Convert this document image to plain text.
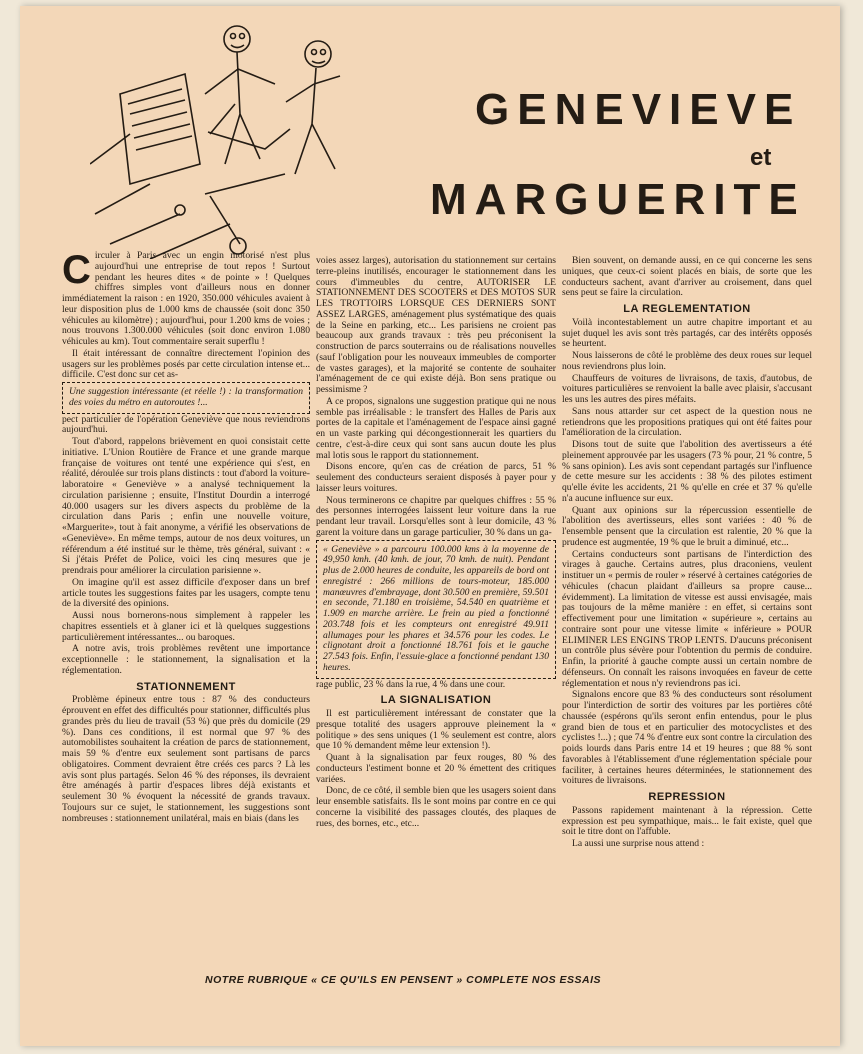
GENEVIEVE
et
MARGUERITE

Circuler à Paris avec un engin motorisé n'est plus aujourd'hui une entreprise de tout repos ! Surtout pendant les heures dites « de pointe » ! Quelques chiffres simples vont d'ailleurs nous en donner immédiatement la raison : en 1920, 350.000 véhicules avaient à leur disposition plus de 1.000 kms de chaussée (soit donc 350 véhicules au kilomètre) ; aujourd'hui, pour 1.200 kms de voies ; nous trouvons 1.300.000 véhicules (soit donc environ 1.080 véhicules au km). Tout commentaire serait superflu !

Il était intéressant de connaître directement l'opinion des usagers sur les problèmes posés par cette circulation intense et... difficile. C'est donc sur cet as-

Une suggestion intéressante (et réelle !) : la transformation des voies du métro en autoroutes !...

pect particulier de l'opération Geneviève que nous reviendrons aujourd'hui.

Tout d'abord, rappelons brièvement en quoi consistait cette initiative. L'Union Routière de France et une grande marque française de voitures ont tenté une expérience qui s'est, en réalité, déroulée sur trois plans distincts : tout d'abord la voiture-laboratoire « Geneviève » a analysé techniquement la circulation parisienne ; ensuite, l'Institut Dourdin a interrogé 40.000 usagers sur les divers aspects du problème de la circulation dans Paris ; enfin une nouvelle voiture, «Marguerite», tout à fait anonyme, a vérifié les observations de «Geneviève». En même temps, autour de nos deux voitures, un référendum a été institué sur le thème, très général, suivant : « Si j'étais Préfet de Police, voici les cinq mesures que je prendrais pour améliorer la circulation parisienne ».

On imagine qu'il est assez difficile d'exposer dans un bref article toutes les suggestions faites par les usagers, compte tenu de la diversité des opinions.

Aussi nous bornerons-nous simplement à rappeler les chapitres essentiels et à glaner ici et là quelques suggestions particulièrement intéressantes... ou baroques.

A notre avis, trois problèmes revêtent une importance exceptionnelle : le stationnement, la signalisation et la réglementation.

STATIONNEMENT

Problème épineux entre tous : 87 % des conducteurs éprouvent en effet des difficultés pour stationner, difficultés plus grandes près du lieu de travail (53 %) que près du domicile (29 %). Dans ces conditions, il est normal que 97 % des automobilistes souhaitent la création de parcs de stationnement, mais 59 % d'entre eux seulement sont partisans de parcs obligatoires. Comment devraient être créés ces parcs ? Là les avis sont plus partagés. Selon 46 % des réponses, ils devraient être aménagés à partir d'espaces libres déjà existants et seulement 30 % évoquent la nécessité de grands travaux. Toujours sur ce sujet, le stationnement, les suggestions sont nombreuses : stationnement unilatéral, mais en biais (dans les

voies assez larges), autorisation du stationnement sur certains terre-pleins inutilisés, encourager le stationnement dans les cours d'immeubles du centre, AUTORISER LE STATIONNEMENT DES SCOOTERS et DES MOTOS SUR LES TROTTOIRS LORSQUE CES DERNIERS SONT ASSEZ LARGES, aménagement plus systématique des quais de la Seine en parking, etc... Les parisiens ne croient pas beaucoup aux grands travaux : très peu préconisent la construction de parcs souterrains ou de réalisations nouvelles (sauf l'obligation pour les nouveaux immeubles de comporter de vastes garages), et la majorité se contente de souhaiter l'aménagement de ce qui existe déjà. Bon sens pratique ou pessimisme ?

A ce propos, signalons une suggestion pratique qui ne nous semble pas irréalisable : le transfert des Halles de Paris aux portes de la capitale et l'aménagement de l'espace ainsi gagné en un vaste parking qui décongestionnerait les quartiers du centre, c'est-à-dire ceux qui sont sans aucun doute les plus mal lotis sous le rapport du stationnement.

Disons encore, qu'en cas de création de parcs, 51 % seulement des conducteurs seraient disposés à payer pour y laisser leurs voitures.

Nous terminerons ce chapitre par quelques chiffres : 55 % des personnes interrogées laissent leur voiture dans la rue pendant leur travail. Lorsqu'elles sont à leur domicile, 43 % garent la voiture dans un garage particulier, 30 % dans un ga-

« Geneviève » a parcouru 100.000 kms à la moyenne de 49,950 kmh. (40 kmh. de jour, 70 kmh. de nuit). Pendant plus de 2.000 heures de conduite, les appareils de bord ont enregistré : 266 millions de tours-moteur, 185.000 manœuvres d'embrayage, dont 30.500 en première, 59.501 en seconde, 71.180 en troisième, 54.540 en quatrième et 1.909 en marche arrière. Le frein au pied a fonctionné 203.748 fois et les compteurs ont enregistré 49.911 allumages pour les phares et 34.576 pour les codes. Le clignotant droit a fonctionné 18.761 fois et le gauche 27.543 fois. Enfin, l'essuie-glace a fonctionné pendant 130 heures.

rage public, 23 % dans la rue, 4 % dans une cour.

LA SIGNALISATION

Il est particulièrement intéressant de constater que la presque totalité des usagers approuve pleinement la « politique » des sens uniques (1 % seulement est contre, alors que 10 % demandent même leur extension !).

Quant à la signalisation par feux rouges, 80 % des conducteurs l'estiment bonne et 20 % émettent des critiques variées.

Donc, de ce côté, il semble bien que les usagers soient dans leur ensemble satisfaits. Ils le sont moins par contre en ce qui concerne la visibilité des passages cloutés, des plaques de rues, des bornes, etc., etc...

Bien souvent, on demande aussi, en ce qui concerne les sens uniques, que ceux-ci soient placés en biais, de sorte que les conducteurs sachent, avant d'arriver au croisement, dans quel sens peut se faire la circulation.

LA REGLEMENTATION

Voilà incontestablement un autre chapitre important et au sujet duquel les avis sont très partagés, car des intérêts opposés se heurtent.

Nous laisserons de côté le problème des deux roues sur lequel nous reviendrons plus loin.

Chauffeurs de voitures de livraisons, de taxis, d'autobus, de voitures particulières se renvoient la balle avec plaisir, s'accusant les uns les autres des pires méfaits.

Sans nous attarder sur cet aspect de la question nous ne retiendrons que les propositions pratiques qui ont été faites pour l'amélioration de la circulation.

Disons tout de suite que l'abolition des avertisseurs a été pleinement approuvée par les usagers (73 % pour, 21 % contre, 5 % sans opinion). Les avis sont cependant partagés sur l'influence de cette mesure sur les accidents : 38 % des pilotes estiment qu'elle évite les accidents, 21 % qu'elle en crée et 37 % qu'elle n'a aucune influence sur eux.

Quant aux opinions sur la répercussion essentielle de l'abolition des avertisseurs, elles sont variées : 40 % de l'ensemble pensent que la circulation est ralentie, 20 % que la prudence est augmentée, 19 % que le bruit a diminué, etc...

Certains conducteurs sont partisans de l'interdiction des virages à gauche. Certains autres, plus draconiens, veulent instituer un « permis de rouler » réservé à certaines catégories de véhicules (chacun plaidant d'ailleurs sa propre cause... évidemment). La limitation de vitesse est aussi envisagée, mais pas toujours de la même manière : en effet, si certains sont effectivement pour une limitation « supérieure », certains au contraire sont pour une vitesse limite « inférieure » POUR ELIMINER LES ENGINS TROP LENTS. D'aucuns préconisent un contrôle plus sévère pour l'obtention du permis de conduire. Enfin, la priorité à gauche compte aussi un certain nombre de défenseurs. On connaît les raisons invoquées en faveur de cette réglementation et nous n'y reviendrons pas ici.

Signalons encore que 83 % des conducteurs sont résolument pour l'interdiction de sortir des voitures par les portières côté chaussée (espérons qu'ils seront enfin entendus, pour le plus grand bien de tous et en particulier des motocyclistes et des cyclistes !...) ; que 74 % d'entre eux sont contre la circulation des poids lourds dans Paris entre 14 et 19 heures ; que 88 % sont favorables à l'établissement d'une réglementation spéciale pour faciliter, à certaines heures déterminées, le stationnement des voitures de livraisons.

REPRESSION

Passons rapidement maintenant à la répression. Cette expression est peu sympathique, mais... le fait existe, quel que soit le titre dont on l'affuble.

La aussi une surprise nous attend :

NOTRE RUBRIQUE « CE QU'ILS EN PENSENT » COMPLETE NOS ESSAIS
